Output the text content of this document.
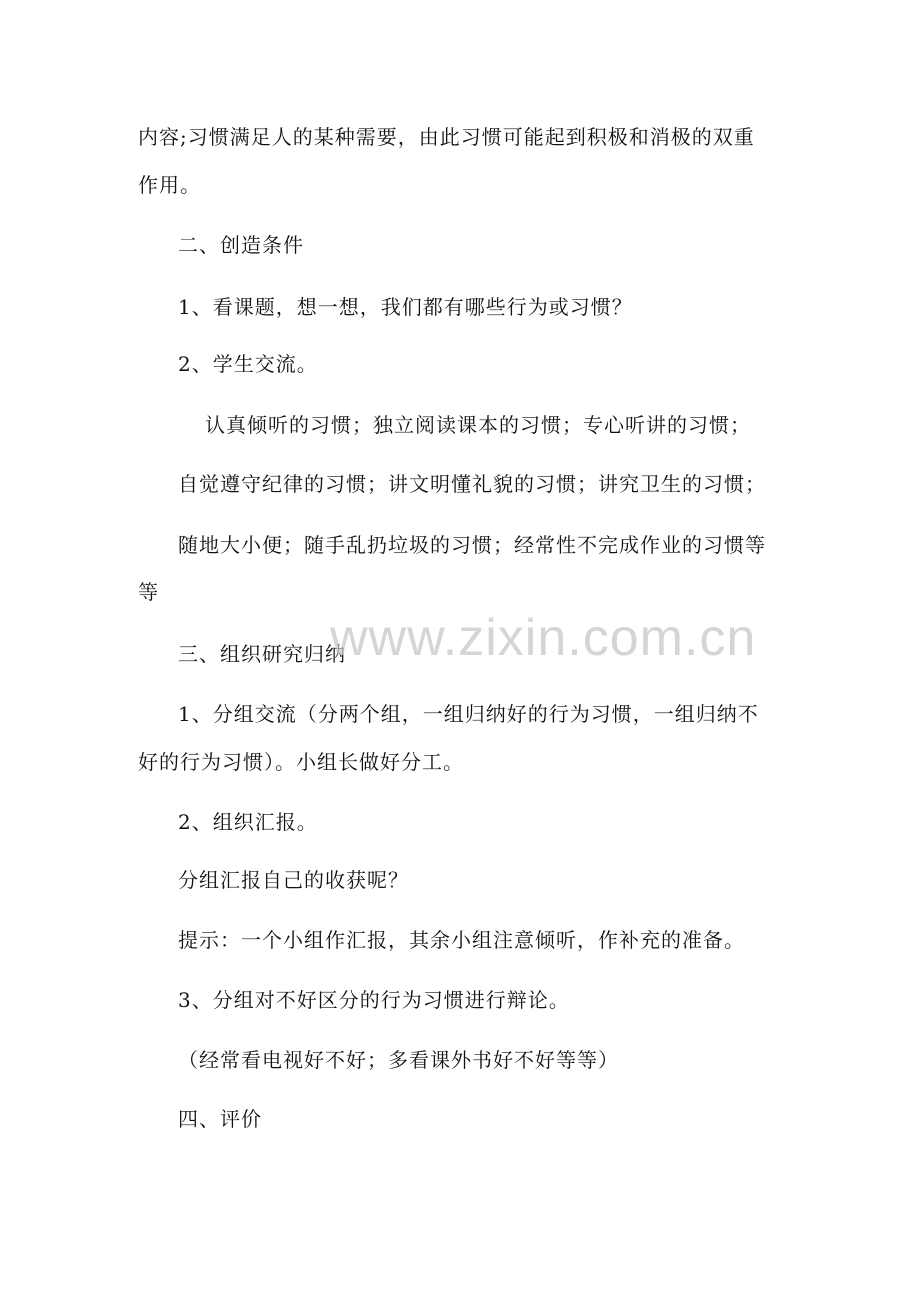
内容;习惯满足人的某种需要，由此习惯可能起到积极和消极的双重
作用。
二、创造条件
1、看课题，想一想，我们都有哪些行为或习惯？
2、学生交流。
认真倾听的习惯；独立阅读课本的习惯；专心听讲的习惯；
自觉遵守纪律的习惯；讲文明懂礼貌的习惯；讲究卫生的习惯；
随地大小便；随手乱扔垃圾的习惯；经常性不完成作业的习惯等
等
三、组织研究归纳
1、分组交流（分两个组，一组归纳好的行为习惯，一组归纳不
好的行为习惯）。小组长做好分工。
2、组织汇报。
分组汇报自己的收获呢？
提示：一个小组作汇报，其余小组注意倾听，作补充的准备。
3、分组对不好区分的行为习惯进行辩论。
（经常看电视好不好；多看课外书好不好等等）
四、评价
www.zixin.com.cn
